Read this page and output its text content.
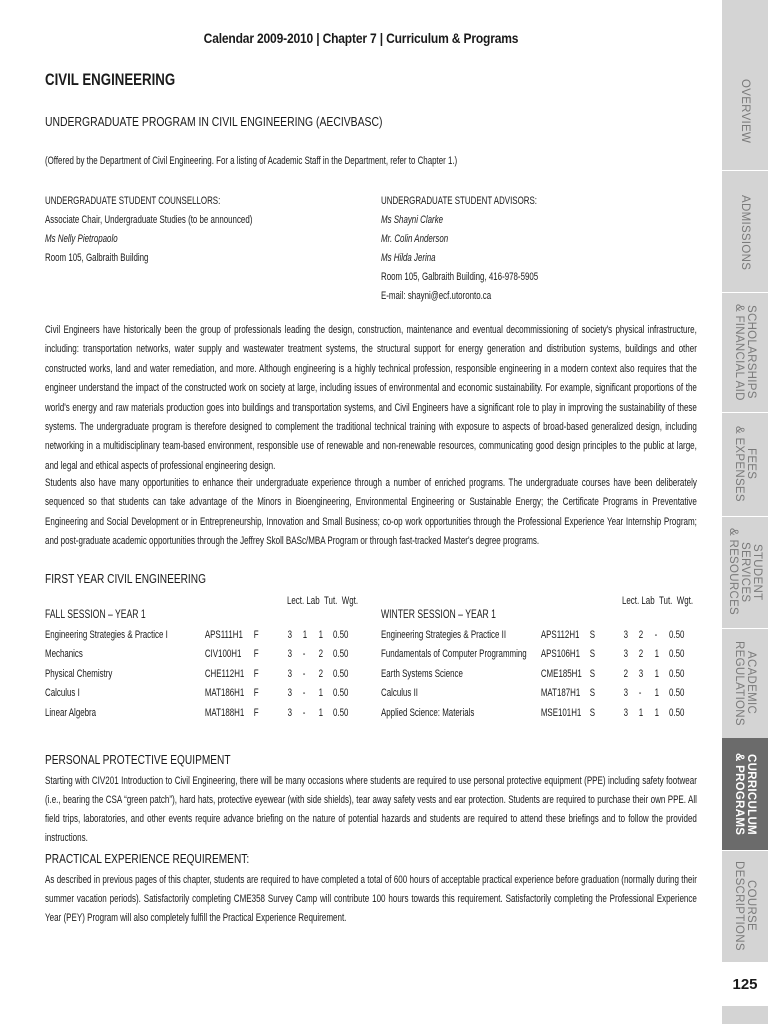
Calendar 2009-2010 | Chapter 7 | Curriculum & Programs
CIVIL ENGINEERING
UNDERGRADUATE PROGRAM IN CIVIL ENGINEERING (AECIVBASC)
(Offered by the Department of Civil Engineering. For a listing of Academic Staff in the Department, refer to Chapter 1.)
UNDERGRADUATE STUDENT COUNSELLORS:
Associate Chair, Undergraduate Studies (to be announced)
Ms Nelly Pietropaolo
Room 105, Galbraith Building
UNDERGRADUATE STUDENT ADVISORS:
Ms Shayni Clarke
Mr. Colin Anderson
Ms Hilda Jerina
Room 105, Galbraith Building, 416-978-5905
E-mail: shayni@ecf.utoronto.ca
Civil Engineers have historically been the group of professionals leading the design, construction, maintenance and eventual decommissioning of society's physical infrastructure, including: transportation networks, water supply and wastewater treatment systems, the structural support for energy generation and distribution systems, buildings and other constructed works, land and water remediation, and more. Although engineering is a highly technical profession, responsible engineering in a modern context also requires that the engineer understand the impact of the constructed work on society at large, including issues of environmental and economic sustainability. For example, significant proportions of the world's energy and raw materials production goes into buildings and transportation systems, and Civil Engineers have a significant role to play in improving the sustainability of these systems. The undergraduate program is therefore designed to complement the traditional technical training with exposure to aspects of broad-based generalized design, including networking in a multidisciplinary team-based environment, responsible use of renewable and non-renewable resources, communicating good design principles to the public at large, and legal and ethical aspects of professional engineering design.
Students also have many opportunities to enhance their undergraduate experience through a number of enriched programs. The undergraduate courses have been deliberately sequenced so that students can take advantage of the Minors in Bioengineering, Environmental Engineering or Sustainable Energy; the Certificate Programs in Preventative Engineering and Social Development or in Entrepreneurship, Innovation and Small Business; co-op work opportunities through the Professional Experience Year Internship Program; and post-graduate academic opportunities through the Jeffrey Skoll BASc/MBA Program or through fast-tracked Master's degree programs.
FIRST YEAR CIVIL ENGINEERING
Lect. Lab Tut. Wgt.	Lect. Lab Tut. Wgt.
FALL SESSION – YEAR 1	WINTER SESSION – YEAR 1
Engineering Strategies & Practice I	APS111H1 F	3 1 1 0.50
Mechanics	CIV100H1 F	3 - 2 0.50
Physical Chemistry	CHE112H1 F	3 - 2 0.50
Calculus I	MAT186H1 F	3 - 1 0.50
Linear Algebra	MAT188H1 F	3 - 1 0.50
Engineering Strategies & Practice II	APS112H1 S	3 2 - 0.50
Fundamentals of Computer Programming APS106H1 S	3 2 1 0.50
Earth Systems Science	CME185H1 S	2 3 1 0.50
Calculus II	MAT187H1 S	3 - 1 0.50
Applied Science: Materials	MSE101H1 S	3 1 1 0.50
PERSONAL PROTECTIVE EQUIPMENT
Starting with CIV201 Introduction to Civil Engineering, there will be many occasions where students are required to use personal protective equipment (PPE) including safety footwear (i.e., bearing the CSA “green patch”), hard hats, protective eyewear (with side shields), tear away safety vests and ear protection. Students are required to purchase their own PPE. All field trips, laboratories, and other events require advance briefing on the nature of potential hazards and students are required to attend these briefings and to follow the provided instructions.
PRACTICAL EXPERIENCE REQUIREMENT:
As described in previous pages of this chapter, students are required to have completed a total of 600 hours of acceptable practical experience before graduation (normally during their summer vacation periods). Satisfactorily completing CME358 Survey Camp will contribute 100 hours towards this requirement. Satisfactorily completing the Professional Experience Year (PEY) Program will also completely fulfill the Practical Experience Requirement.
OVERVIEW
ADMISSIONS
SCHOLARSHIPS
& FINANCIAL AID
FEES
& EXPENSES
STUDENT SERVICES
& RESOURCES
ACADEMIC
REGULATIONS
CURRICULUM
& PROGRAMS
COURSE
DESCRIPTIONS
125
